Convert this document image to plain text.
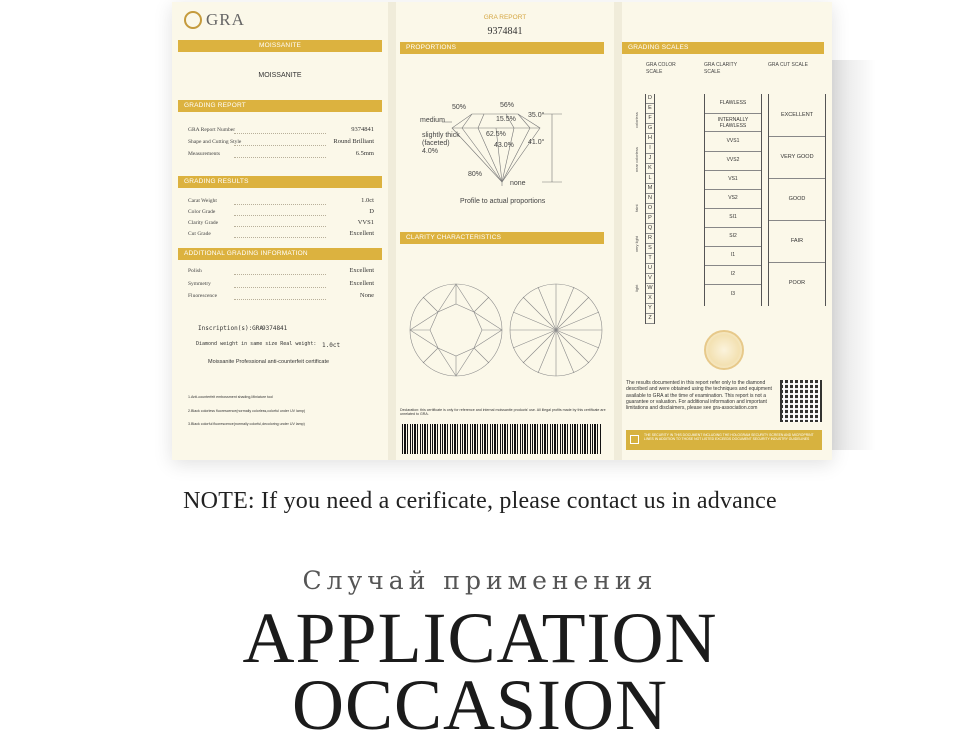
GRA
MOISSANITE
MOISSANITE
GRADING REPORT
GRA Report Number	9374841
Shape and Cutting Style	Round Brilliant
Measurements	6.5mm
GRADING RESULTS
Carat Weight	1.0ct
Color Grade	D
Clarity Grade	VVS1
Cut Grade	Excellent
ADDITIONAL GRADING INFORMATION
Polish	Excellent
Symmetry	Excellent
Fluorescence	None
Inscription(s):GRA
9374841
Diamond weight in same size Real weight: 1.0ct
Moissanite Professional anti-counterfeit certificate
1.Anti-counterfeit embossment shading,Miniature tool
2.Black colorless fluorescence(normally colorless,colorful under UV lamp)
3.Black colorful fluorescence(normally colorful,decoloring under UV lamp)
GRA REPORT
9374841
PROPORTIONS
50%	56%
medium
slightly thick (faceted) 4.0%
15.5%
35.0°
62.5%
43.0% 41.0°
80%
none
Profile to actual proportions
CLARITY CHARACTERISTICS
Declaration: this certificate is only for reference and internal moissanite products' use. All illegal profits made by this certificate are unrelated to GRA.
GRADING SCALES
GRA COLOR SCALE
GRA CLARITY SCALE
GRA CUT SCALE
D
E
F
G
H
I
J
K
L
M
N
O
P
Q
R
S
T
U
V
W
X
Y
Z
colorless
near colorless
faint
very light
light
FLAWLESS
INTERNALLY FLAWLESS
VVS1
VVS2
VS1
VS2
SI1
SI2
I1
I2
I3
EXCELLENT
VERY GOOD
GOOD
FAIR
POOR
The results documented in this report refer only to the diamond described and were obtained using the techniques and equipment available to GRA at the time of examination. This report is not a guarantee or valuation. For additional information and important limitations and disclaimers, please see gra-association.com
THE SECURITY IN THIS DOCUMENT INCLUDING THE HOLOGRAM SECURITY SCREEN AND MICROPRINT LINES IN ADDITION TO THOSE NOT LISTED EXCEEDS DOCUMENT SECURITY INDUSTRY GUIDELINES
NOTE: If you need a cerificate, please contact us in advance
Случай применения
APPLICATION
OCCASION
